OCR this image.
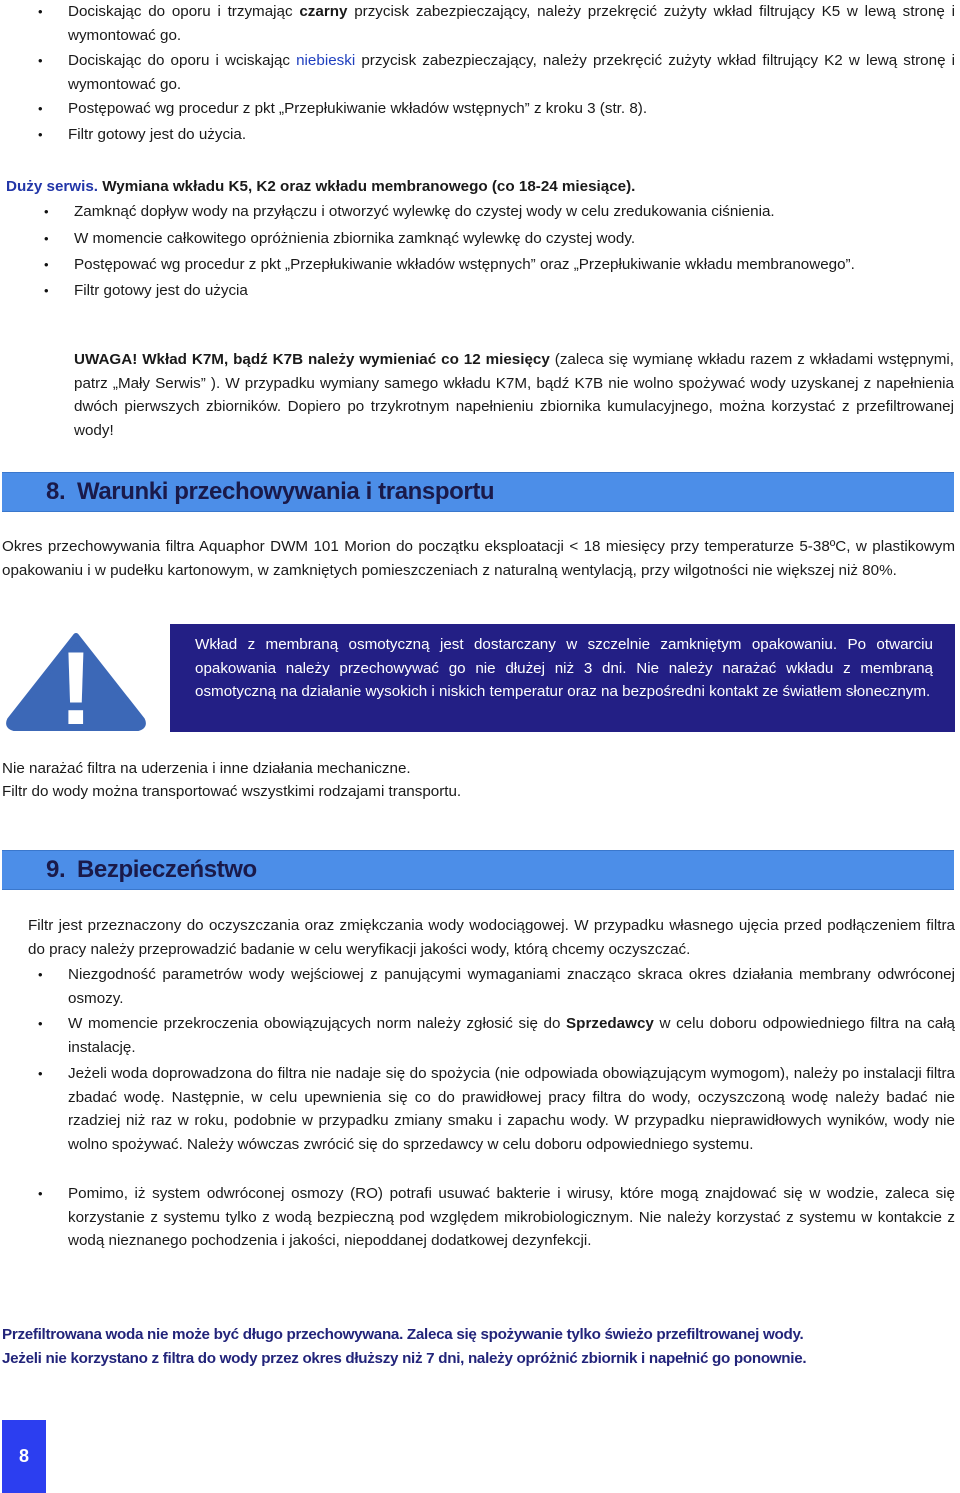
• Dociskając do oporu i trzymając czarny przycisk zabezpieczający, należy przekręcić zużyty wkład filtrujący K5 w lewą stronę i wymontować go.
• Dociskając do oporu i wciskając niebieski przycisk zabezpieczający, należy przekręcić zużyty wkład filtrujący K2 w lewą stronę i wymontować go.
• Postępować wg procedur z pkt „Przepłukiwanie wkładów wstępnych” z kroku 3 (str. 8).
• Filtr gotowy jest do użycia.
Duży serwis. Wymiana wkładu K5, K2 oraz wkładu membranowego (co 18-24 miesiące).
• Zamknąć dopływ wody na przyłączu i otworzyć wylewkę do czystej wody w celu zredukowania ciśnienia.
• W momencie całkowitego opróżnienia zbiornika zamknąć wylewkę do czystej wody.
• Postępować wg procedur z pkt „Przepłukiwanie wkładów wstępnych” oraz „Przepłukiwanie wkładu membranowego”.
• Filtr gotowy jest do użycia
UWAGA! Wkład K7M, bądź K7B należy wymieniać co 12 miesięcy (zaleca się wymianę wkładu razem z wkładami wstępnymi, patrz „Mały Serwis” ). W przypadku wymiany samego wkładu K7M, bądź K7B nie wolno spożywać wody uzyskanej z napełnienia dwóch pierwszych zbiorników. Dopiero po trzykrotnym napełnieniu zbiornika kumulacyjnego, można korzystać z przefiltrowanej wody!
8. Warunki przechowywania i transportu
Okres przechowywania filtra Aquaphor DWM 101 Morion do początku eksploatacji < 18 miesięcy przy temperaturze 5-38ºC, w plastikowym opakowaniu i w pudełku kartonowym, w zamkniętych pomieszczeniach z naturalną wentylacją, przy wilgotności nie większej niż 80%.
!	Wkład z membraną osmotyczną jest dostarczany w szczelnie zamkniętym opakowaniu. Po otwarciu opakowania należy przechowywać go nie dłużej niż 3 dni. Nie należy narażać wkładu z membraną osmotyczną na działanie wysokich i niskich temperatur oraz na bezpośredni kontakt ze światłem słonecznym.
Nie narażać filtra na uderzenia i inne działania mechaniczne.
Filtr do wody można transportować wszystkimi rodzajami transportu.
9. Bezpieczeństwo
Filtr jest przeznaczony do oczyszczania oraz zmiękczania wody wodociągowej. W przypadku własnego ujęcia przed podłączeniem filtra do pracy należy przeprowadzić badanie w celu weryfikacji jakości wody, którą chcemy oczyszczać.
• Niezgodność parametrów wody wejściowej z panującymi wymaganiami znacząco skraca okres działania membrany odwróconej osmozy.
• W momencie przekroczenia obowiązujących norm należy zgłosić się do Sprzedawcy w celu doboru odpowiedniego filtra na całą instalację.
• Jeżeli woda doprowadzona do filtra nie nadaje się do spożycia (nie odpowiada obowiązującym wymogom), należy po instalacji filtra zbadać wodę. Następnie, w celu upewnienia się co do prawidłowej pracy filtra do wody, oczyszczoną wodę należy badać nie rzadziej niż raz w roku, podobnie w przypadku zmiany smaku i zapachu wody. W przypadku nieprawidłowych wyników, wody nie wolno spożywać. Należy wówczas zwrócić się do sprzedawcy w celu doboru odpowiedniego systemu.
• Pomimo, iż system odwróconej osmozy (RO) potrafi usuwać bakterie i wirusy, które mogą znajdować się w wodzie, zaleca się korzystanie z systemu tylko z wodą bezpieczną pod względem mikrobiologicznym. Nie należy korzystać z systemu w kontakcie z wodą nieznanego pochodzenia i jakości, niepoddanej dodatkowej dezynfekcji.
Przefiltrowana woda nie może być długo przechowywana. Zaleca się spożywanie tylko świeżo przefiltrowanej wody.
Jeżeli nie korzystano z filtra do wody przez okres dłuższy niż 7 dni, należy opróżnić zbiornik i napełnić go ponownie.
8
